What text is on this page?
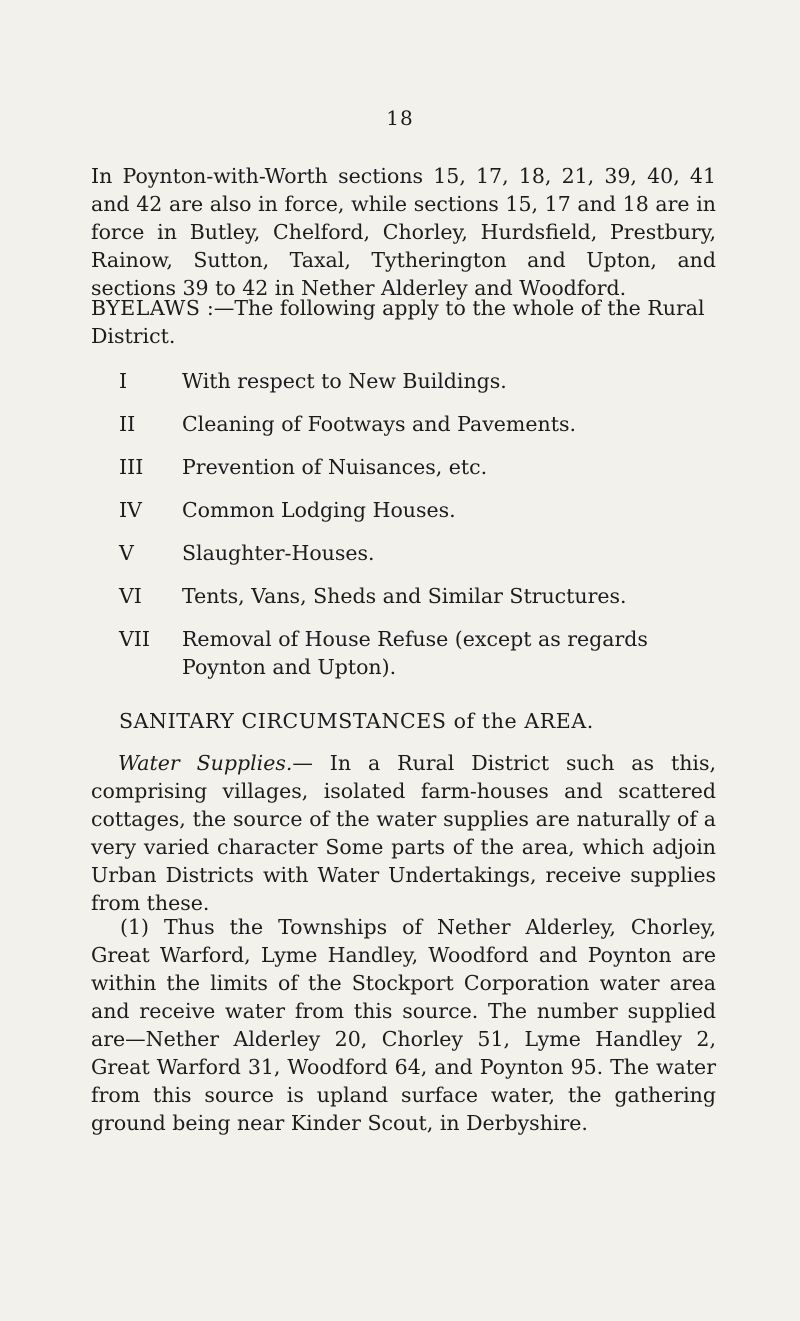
18

In Poynton-with-Worth sections 15, 17, 18, 21, 39, 40, 41 and 42 are also in force, while sections 15, 17 and 18 are in force in Butley, Chelford, Chorley, Hurdsfield, Prestbury, Rainow, Sutton, Taxal, Tytherington and Upton, and sections 39 to 42 in Nether Alderley and Woodford.

BYELAWS :—The following apply to the whole of the Rural District.

I	With respect to New Buildings.
II	Cleaning of Footways and Pavements.
III	Prevention of Nuisances, etc.
IV	Common Lodging Houses.
V	Slaughter-Houses.
VI	Tents, Vans, Sheds and Similar Structures.
VII	Removal of House Refuse (except as regards Poynton and Upton).
SANITARY CIRCUMSTANCES of the AREA.

Water Supplies.— In a Rural District such as this, comprising villages, isolated farm-houses and scattered cottages, the source of the water supplies are naturally of a very varied character Some parts of the area, which adjoin Urban Districts with Water Undertakings, receive supplies from these.

(1) Thus the Townships of Nether Alderley, Chorley, Great Warford, Lyme Handley, Woodford and Poynton are within the limits of the Stockport Corporation water area and receive water from this source. The number supplied are—Nether Alderley 20, Chorley 51, Lyme Handley 2, Great Warford 31, Woodford 64, and Poynton 95. The water from this source is upland surface water, the gathering ground being near Kinder Scout, in Derbyshire.
